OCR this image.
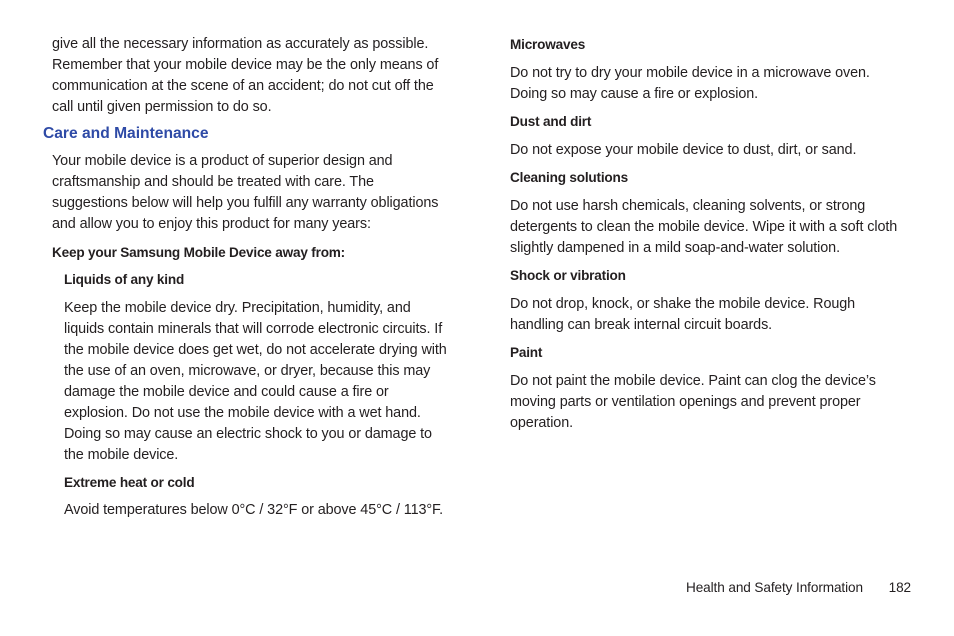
give all the necessary information as accurately as possible. Remember that your mobile device may be the only means of communication at the scene of an accident; do not cut off the call until given permission to do so.

Care and Maintenance

Your mobile device is a product of superior design and craftsmanship and should be treated with care. The suggestions below will help you fulfill any warranty obligations and allow you to enjoy this product for many years:

Keep your Samsung Mobile Device away from:
Liquids of any kind

Keep the mobile device dry. Precipitation, humidity, and liquids contain minerals that will corrode electronic circuits. If the mobile device does get wet, do not accelerate drying with the use of an oven, microwave, or dryer, because this may damage the mobile device and could cause a fire or explosion. Do not use the mobile device with a wet hand. Doing so may cause an electric shock to you or damage to the mobile device.

Extreme heat or cold

Avoid temperatures below 0°C / 32°F or above 45°C / 113°F.

Microwaves

Do not try to dry your mobile device in a microwave oven. Doing so may cause a fire or explosion.

Dust and dirt

Do not expose your mobile device to dust, dirt, or sand.

Cleaning solutions

Do not use harsh chemicals, cleaning solvents, or strong detergents to clean the mobile device. Wipe it with a soft cloth slightly dampened in a mild soap-and-water solution.

Shock or vibration

Do not drop, knock, or shake the mobile device. Rough handling can break internal circuit boards.

Paint

Do not paint the mobile device. Paint can clog the device’s moving parts or ventilation openings and prevent proper operation.

Health and Safety Information 182
